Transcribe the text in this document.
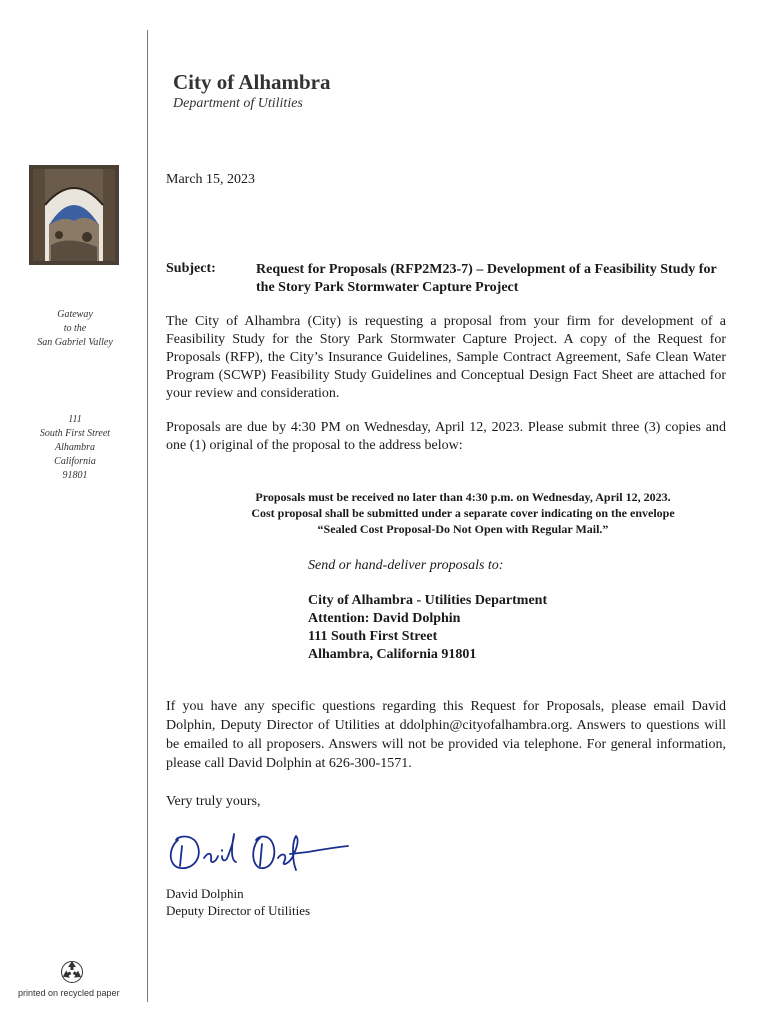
City of Alhambra
Department of Utilities
Gateway
to the
San Gabriel Valley
111
South First Street
Alhambra
California
91801
March 15, 2023
Subject:	Request for Proposals (RFP2M23-7) – Development of a Feasibility Study for the Story Park Stormwater Capture Project
The City of Alhambra (City) is requesting a proposal from your firm for development of a Feasibility Study for the Story Park Stormwater Capture Project. A copy of the Request for Proposals (RFP), the City’s Insurance Guidelines, Sample Contract Agreement, Safe Clean Water Program (SCWP) Feasibility Study Guidelines and Conceptual Design Fact Sheet are attached for your review and consideration.
Proposals are due by 4:30 PM on Wednesday, April 12, 2023. Please submit three (3) copies and one (1) original of the proposal to the address below:
Proposals must be received no later than 4:30 p.m. on Wednesday, April 12, 2023.
Cost proposal shall be submitted under a separate cover indicating on the envelope
“Sealed Cost Proposal-Do Not Open with Regular Mail.”
Send or hand-deliver proposals to:
City of Alhambra - Utilities Department
Attention: David Dolphin
111 South First Street
Alhambra, California 91801
If you have any specific questions regarding this Request for Proposals, please email David Dolphin, Deputy Director of Utilities at ddolphin@cityofalhambra.org. Answers to questions will be emailed to all proposers. Answers will not be provided via telephone. For general information, please call David Dolphin at 626-300-1571.
Very truly yours,
David Dolphin
Deputy Director of Utilities
printed on recycled paper
